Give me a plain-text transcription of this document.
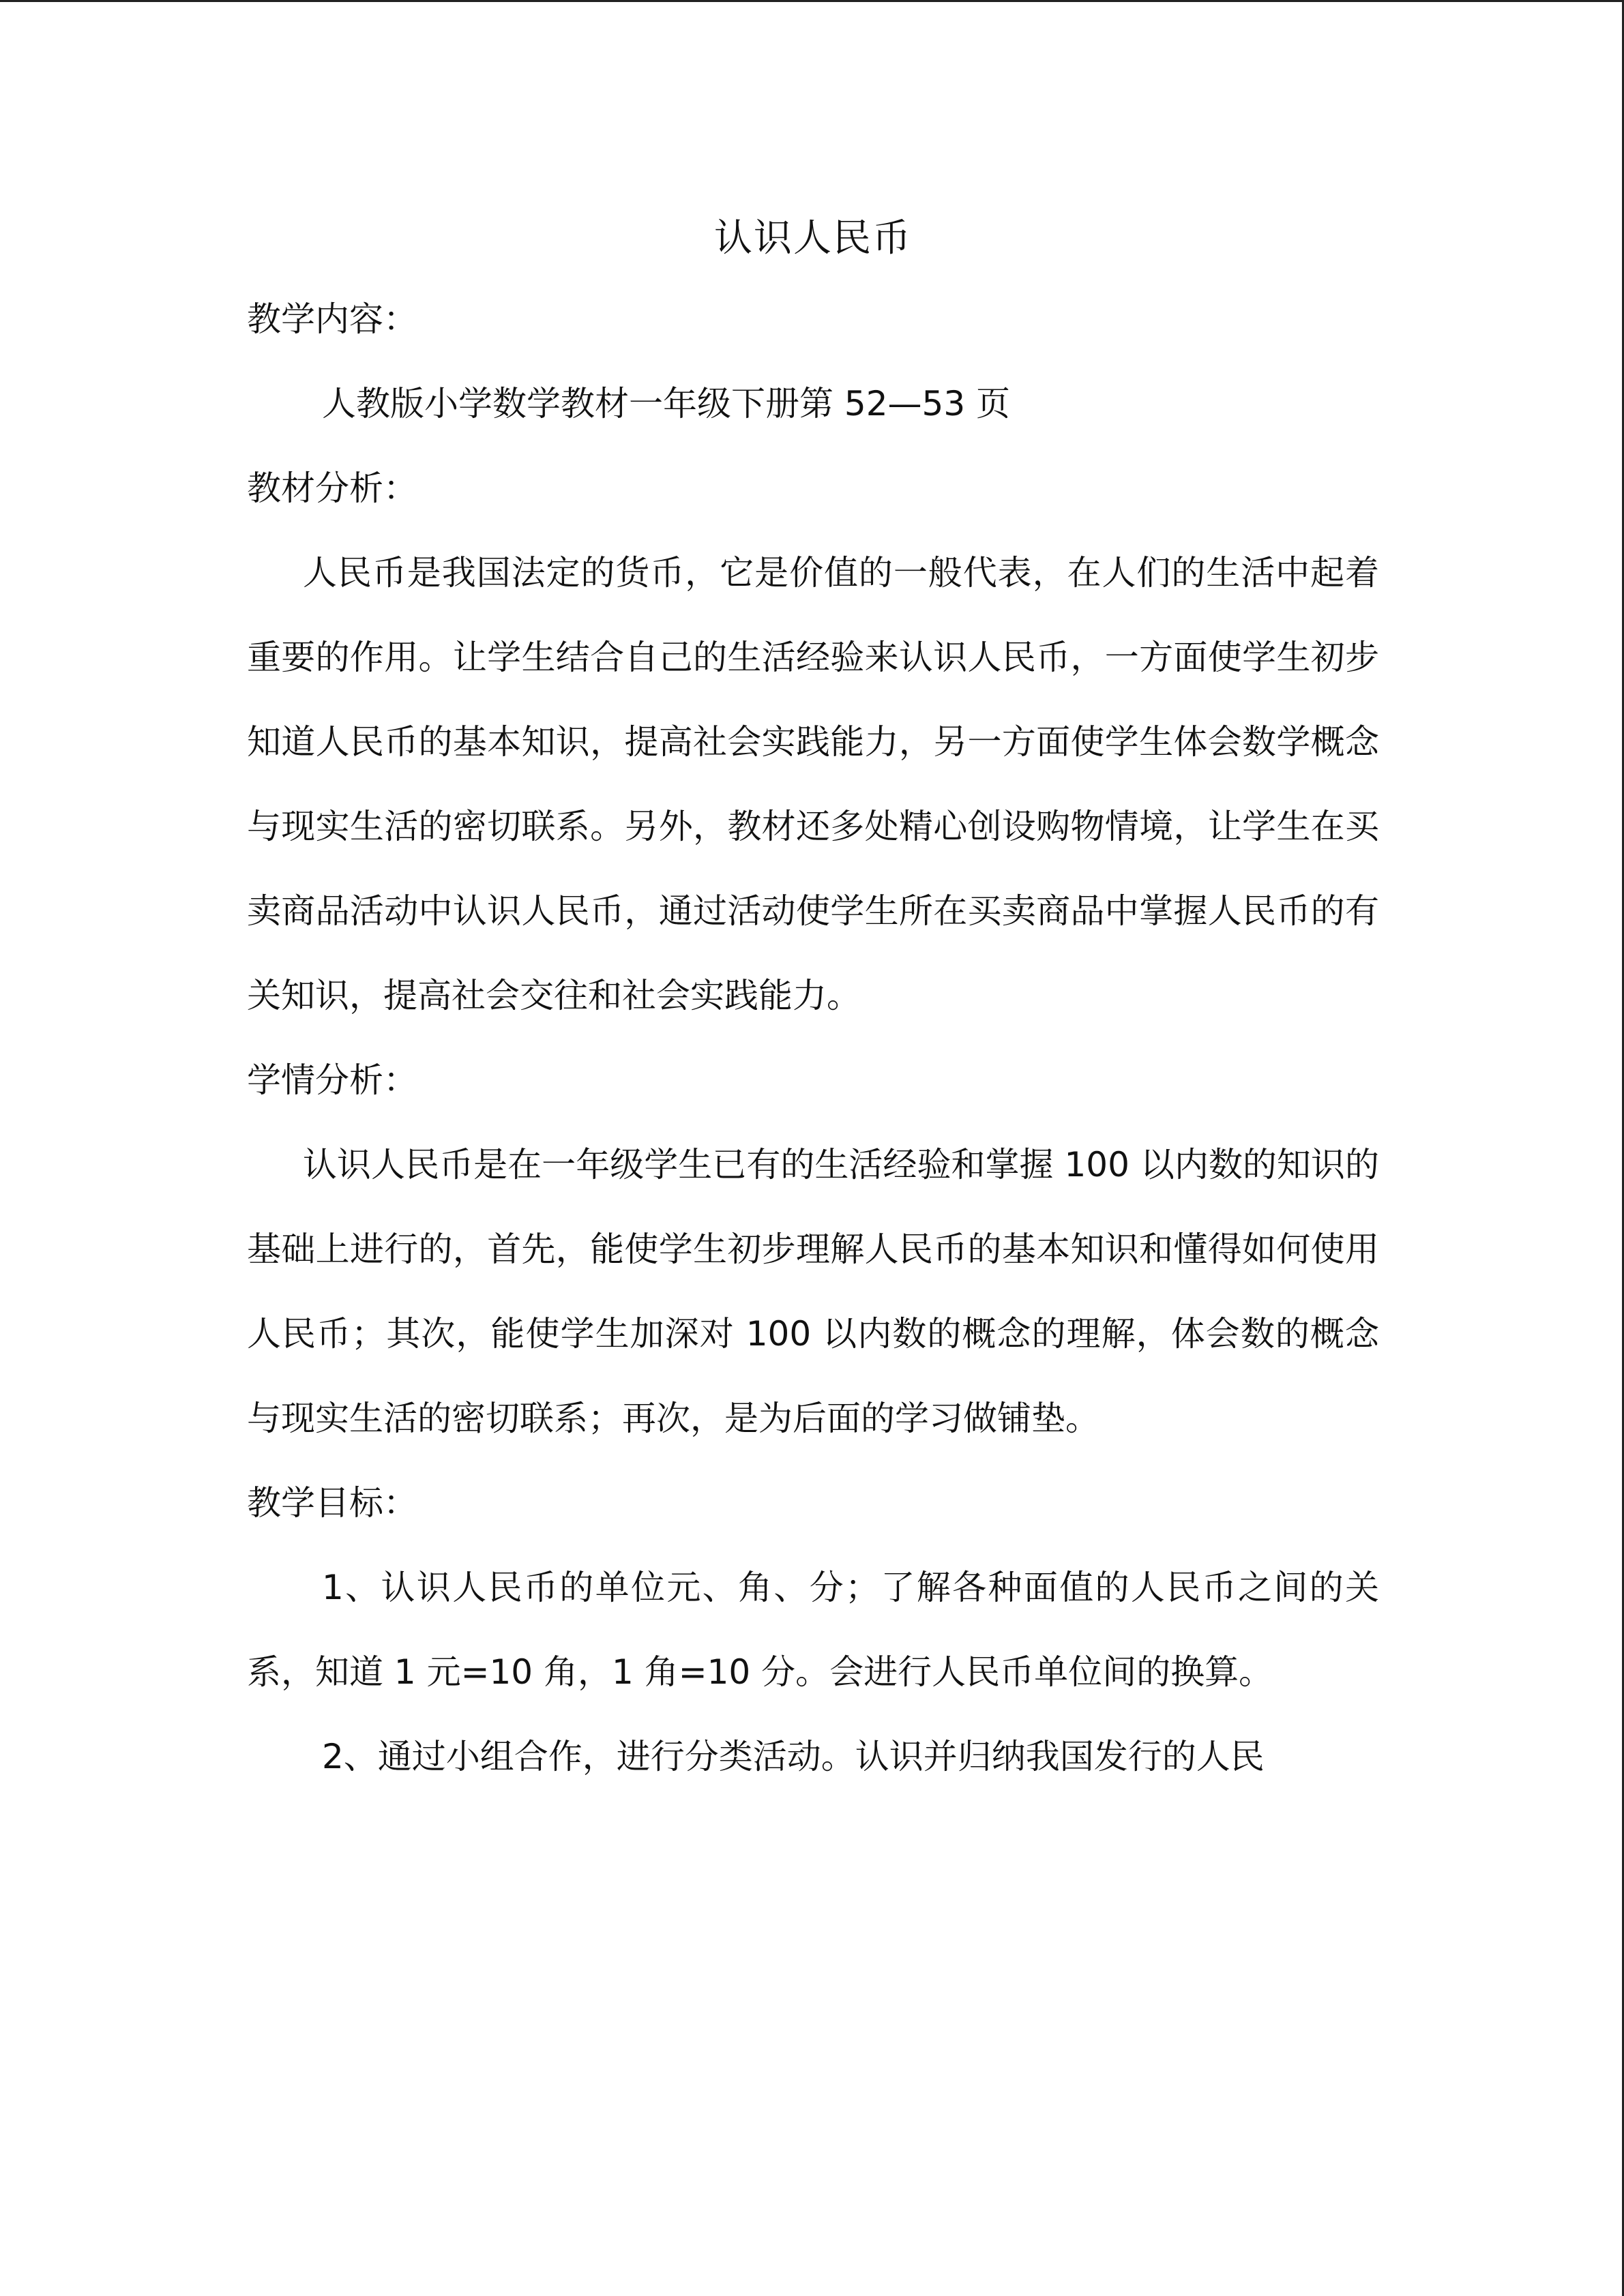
认识人民币

教学内容：

人教版小学数学教材一年级下册第 52—53 页

教材分析：

人民币是我国法定的货币，它是价值的一般代表，在人们的生活中起着重要的作用。让学生结合自己的生活经验来认识人民币，一方面使学生初步知道人民币的基本知识，提高社会实践能力，另一方面使学生体会数学概念与现实生活的密切联系。另外，教材还多处精心创设购物情境，让学生在买卖商品活动中认识人民币，通过活动使学生所在买卖商品中掌握人民币的有关知识，提高社会交往和社会实践能力。

学情分析：

认识人民币是在一年级学生已有的生活经验和掌握 100 以内数的知识的基础上进行的，首先，能使学生初步理解人民币的基本知识和懂得如何使用人民币；其次，能使学生加深对 100 以内数的概念的理解，体会数的概念与现实生活的密切联系；再次，是为后面的学习做铺垫。

教学目标：

1、认识人民币的单位元、角、分；了解各种面值的人民币之间的关系，知道 1 元=10 角，1 角=10 分。会进行人民币单位间的换算。

2、通过小组合作，进行分类活动。认识并归纳我国发行的人民
